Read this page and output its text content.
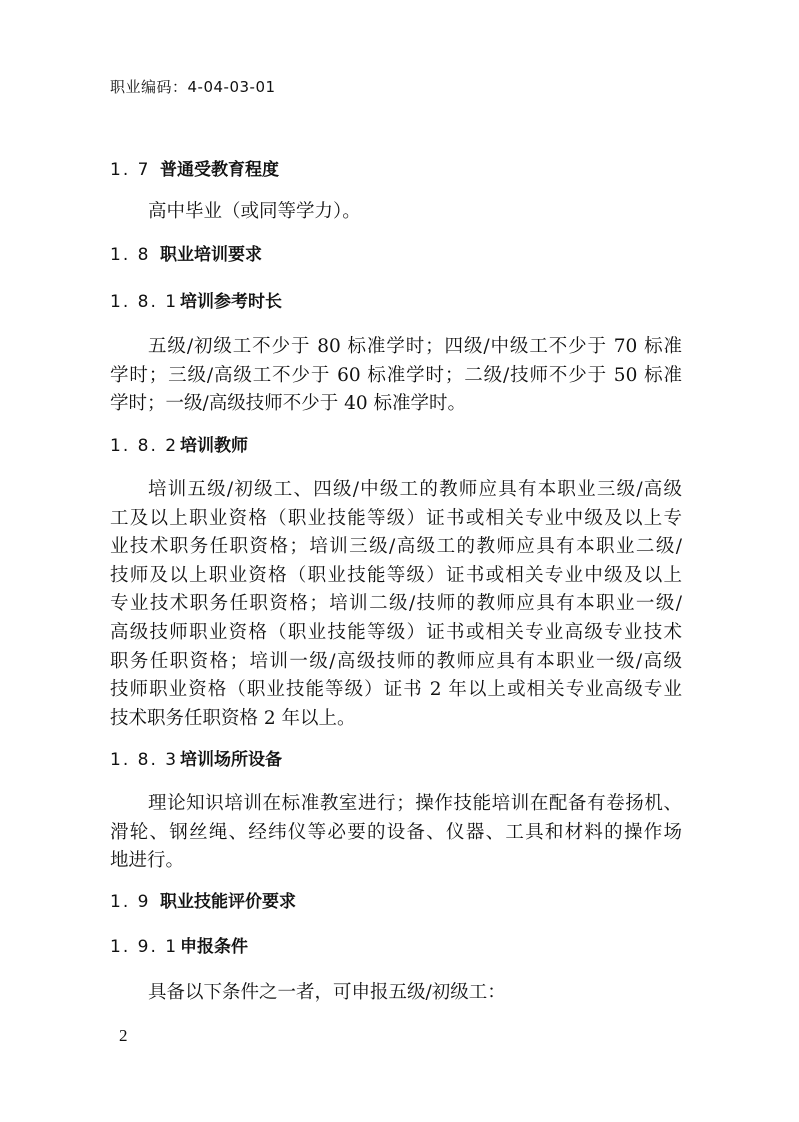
职业编码：4-04-03-01
1. 7 普通受教育程度
高中毕业（或同等学力）。
1. 8 职业培训要求
1. 8. 1 培训参考时长
五级/初级工不少于 80 标准学时；四级/中级工不少于 70 标准
学时；三级/高级工不少于 60 标准学时；二级/技师不少于 50 标准
学时；一级/高级技师不少于 40 标准学时。
1. 8. 2 培训教师
培训五级/初级工、四级/中级工的教师应具有本职业三级/高级
工及以上职业资格（职业技能等级）证书或相关专业中级及以上专
业技术职务任职资格；培训三级/高级工的教师应具有本职业二级/
技师及以上职业资格（职业技能等级）证书或相关专业中级及以上
专业技术职务任职资格；培训二级/技师的教师应具有本职业一级/
高级技师职业资格（职业技能等级）证书或相关专业高级专业技术
职务任职资格；培训一级/高级技师的教师应具有本职业一级/高级
技师职业资格（职业技能等级）证书 2 年以上或相关专业高级专业
技术职务任职资格 2 年以上。
1. 8. 3 培训场所设备
理论知识培训在标准教室进行；操作技能培训在配备有卷扬机、
滑轮、钢丝绳、经纬仪等必要的设备、仪器、工具和材料的操作场
地进行。
1. 9 职业技能评价要求
1. 9. 1 申报条件
具备以下条件之一者，可申报五级/初级工：
2
